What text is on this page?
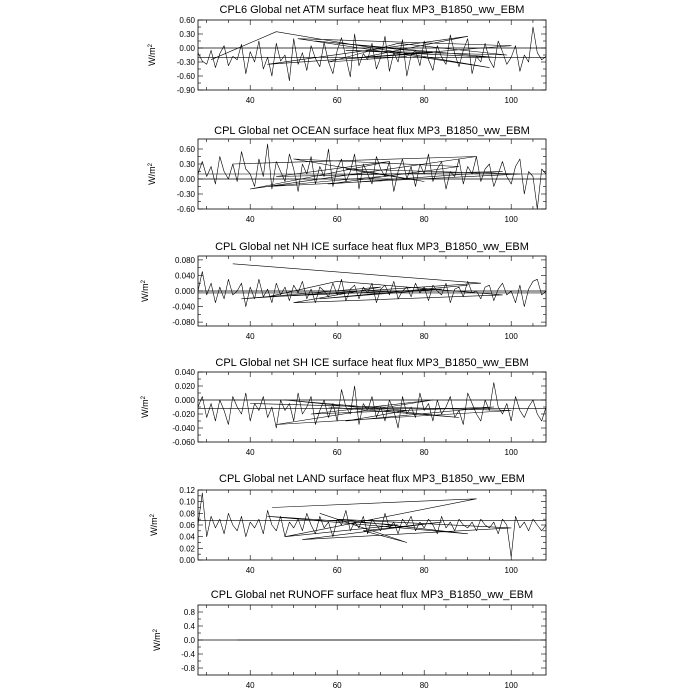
CPL6 Global net ATM surface heat flux MP3_B1850_ww_EBM
0.60
0.30
0.00
-0.30
-0.60
-0.90
40	60	80	100
$W/m^2$
CPL Global net OCEAN surface heat flux MP3_B1850_ww_EBM
0.60
0.30
0.00
-0.30
-0.60
40	60	80	100
$W/m^2$
CPL Global net NH ICE surface heat flux MP3_B1850_ww_EBM
0.080
0.040
0.000
-0.040
-0.080
40	60	80	100
$W/m^2$
CPL Global net SH ICE surface heat flux MP3_B1850_ww_EBM
0.040
0.020
0.000
-0.020
-0.040
-0.060
40	60	80	100
$W/m^2$
CPL Global net LAND surface heat flux MP3_B1850_ww_EBM
0.12
0.10
0.08
0.06
0.04
0.02
0.00
40	60	80	100
$W/m^2$
CPL Global net RUNOFF surface heat flux MP3_B1850_ww_EBM
0.8
0.4
0.0
-0.4
-0.8
40	60	80	100
$W/m^2$
